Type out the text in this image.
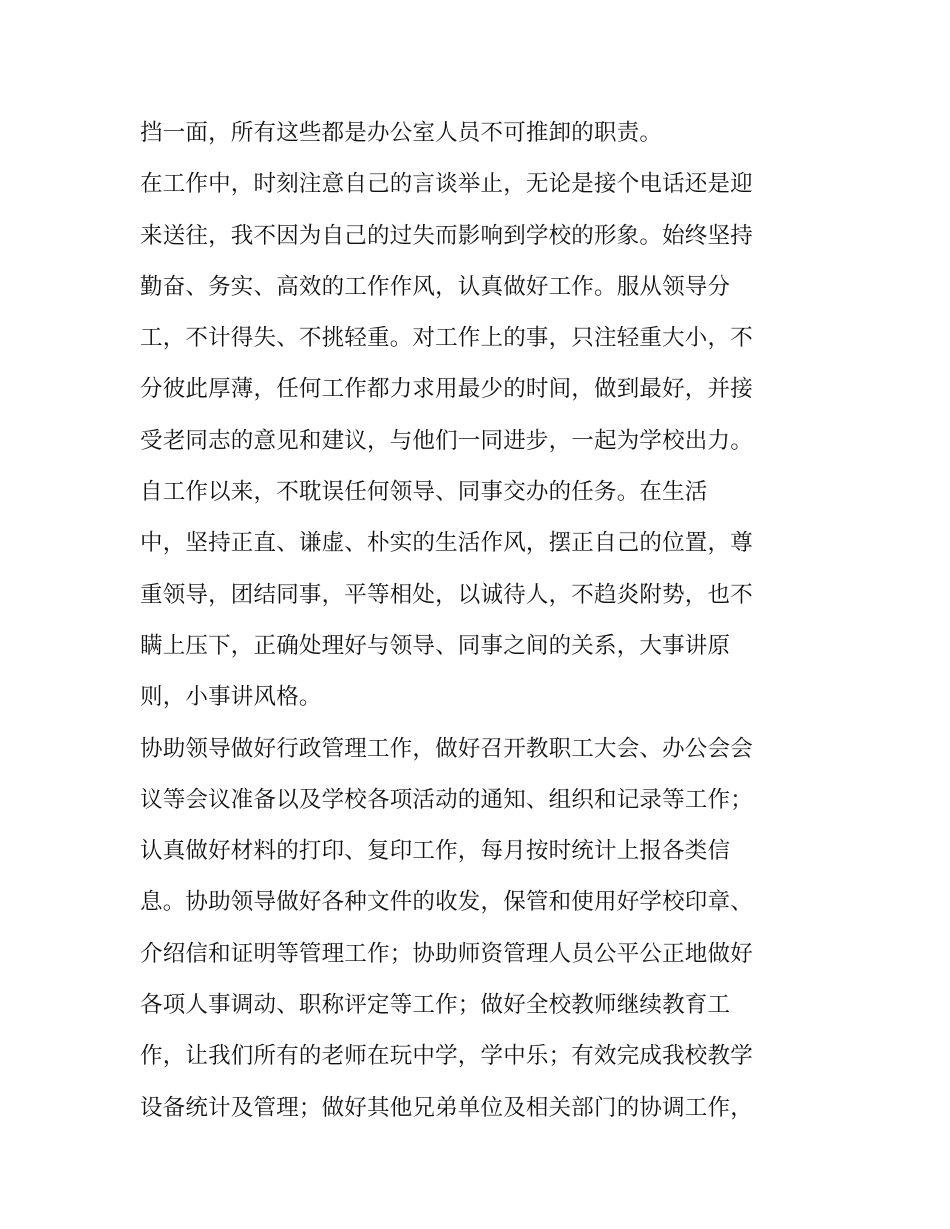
挡一面，所有这些都是办公室人员不可推卸的职责。
在工作中，时刻注意自己的言谈举止，无论是接个电话还是迎
来送往，我不因为自己的过失而影响到学校的形象。始终坚持
勤奋、务实、高效的工作作风，认真做好工作。服从领导分
工，不计得失、不挑轻重。对工作上的事，只注轻重大小，不
分彼此厚薄，任何工作都力求用最少的时间，做到最好，并接
受老同志的意见和建议，与他们一同进步，一起为学校出力。
自工作以来，不耽误任何领导、同事交办的任务。在生活
中，坚持正直、谦虚、朴实的生活作风，摆正自己的位置，尊
重领导，团结同事，平等相处，以诚待人，不趋炎附势，也不
瞒上压下，正确处理好与领导、同事之间的关系，大事讲原
则，小事讲风格。
协助领导做好行政管理工作，做好召开教职工大会、办公会会
议等会议准备以及学校各项活动的通知、组织和记录等工作；
认真做好材料的打印、复印工作，每月按时统计上报各类信
息。协助领导做好各种文件的收发，保管和使用好学校印章、
介绍信和证明等管理工作；协助师资管理人员公平公正地做好
各项人事调动、职称评定等工作；做好全校教师继续教育工
作，让我们所有的老师在玩中学，学中乐；有效完成我校教学
设备统计及管理；做好其他兄弟单位及相关部门的协调工作，
